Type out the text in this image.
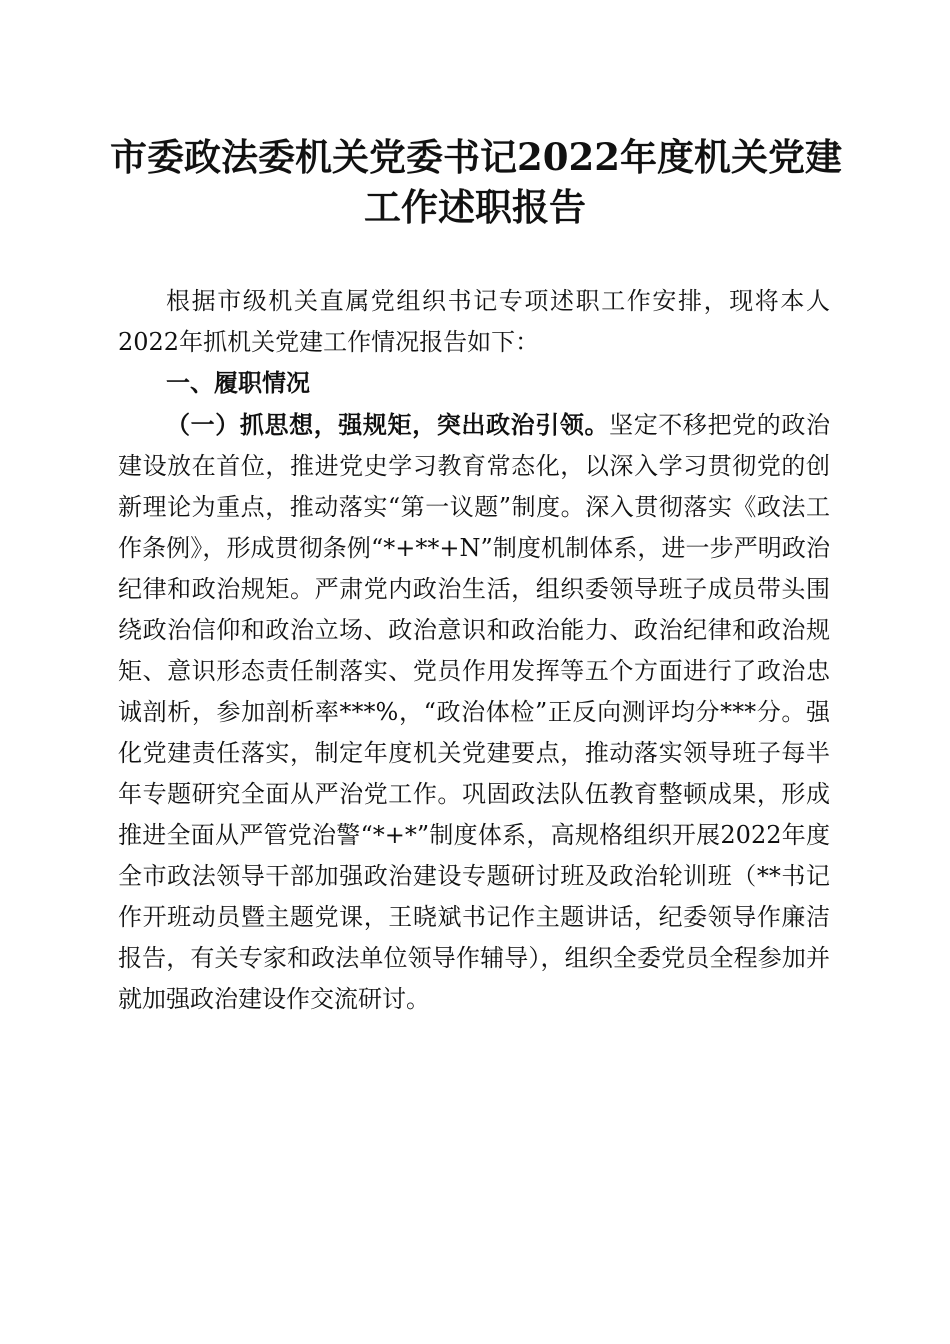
市委政法委机关党委书记2022年度机关党建
工作述职报告

根据市级机关直属党组织书记专项述职工作安排，现将本人2022年抓机关党建工作情况报告如下：

一、履职情况

（一）抓思想，强规矩，突出政治引领。坚定不移把党的政治建设放在首位，推进党史学习教育常态化，以深入学习贯彻党的创新理论为重点，推动落实“第一议题”制度。深入贯彻落实《政法工作条例》，形成贯彻条例“*+**+N”制度机制体系，进一步严明政治纪律和政治规矩。严肃党内政治生活，组织委领导班子成员带头围绕政治信仰和政治立场、政治意识和政治能力、政治纪律和政治规矩、意识形态责任制落实、党员作用发挥等五个方面进行了政治忠诚剖析，参加剖析率***%，“政治体检”正反向测评均分***分。强化党建责任落实，制定年度机关党建要点，推动落实领导班子每半年专题研究全面从严治党工作。巩固政法队伍教育整顿成果，形成推进全面从严管党治警“*+*”制度体系，高规格组织开展2022年度全市政法领导干部加强政治建设专题研讨班及政治轮训班（**书记作开班动员暨主题党课，王晓斌书记作主题讲话，纪委领导作廉洁报告，有关专家和政法单位领导作辅导），组织全委党员全程参加并就加强政治建设作交流研讨。
